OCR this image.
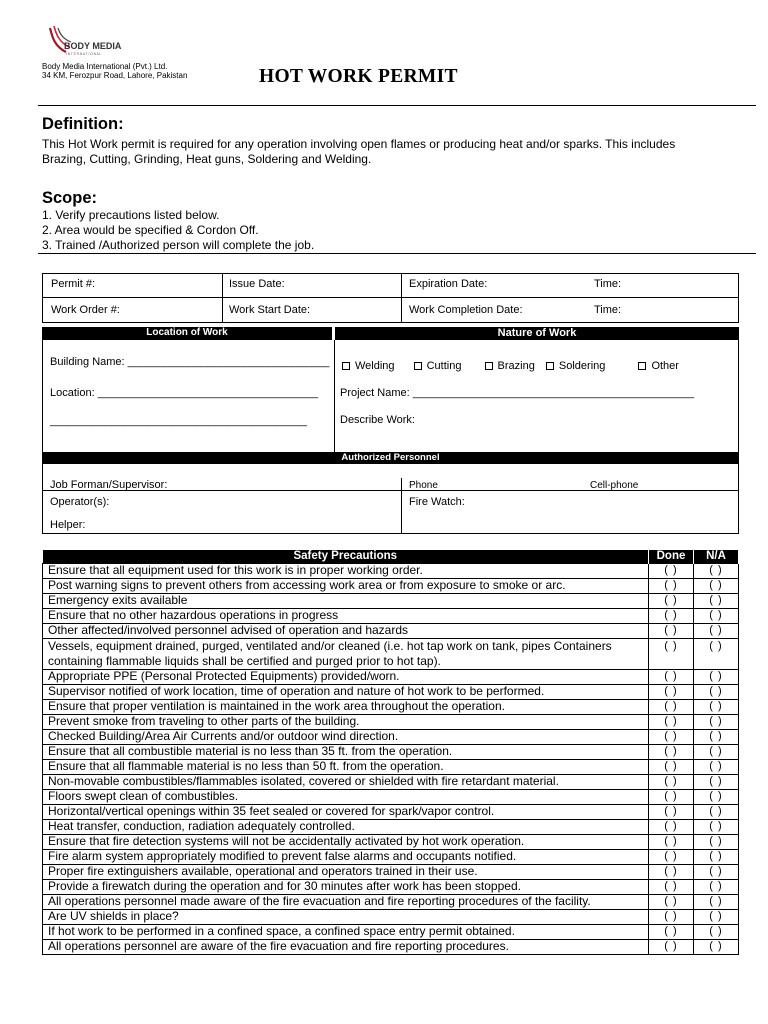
BODY MEDIA
I N T E R N A T I O N A L
Body Media International (Pvt.) Ltd.
34 KM, Ferozpur Road, Lahore, Pakistan	HOT WORK PERMIT
Definition:
This Hot Work permit is required for any operation involving open flames or producing heat and/or sparks. This includes
Brazing, Cutting, Grinding, Heat guns, Soldering and Welding.
Scope:
1. Verify precautions listed below.
2. Area would be specified & Cordon Off.
3. Trained /Authorized person will complete the job.
Permit #:	Issue Date:	Expiration Date:	Time:
Work Order #:	Work Start Date:	Work Completion Date:	Time:
Location of Work	Nature of Work
Building Name: _________________________________
Location: ____________________________________
__________________________________________
Welding	Cutting	Brazing Soldering	Other
Project Name: ______________________________________________
Describe Work:
Authorized Personnel
Job Forman/Supervisor:	Phone	Cell-phone
Operator(s):	Fire Watch:
Helper:
Safety Precautions	Done	N/A
Ensure that all equipment used for this work is in proper working order.	( )	( )
Post warning signs to prevent others from accessing work area or from exposure to smoke or arc.	( )	( )
Emergency exits available	( )	( )
Ensure that no other hazardous operations in progress	( )	( )
Other affected/involved personnel advised of operation and hazards	( )	( )
Vessels, equipment drained, purged, ventilated and/or cleaned (i.e. hot tap work on tank, pipes Containers containing flammable liquids shall be certified and purged prior to hot tap).	( )	( )
Appropriate PPE (Personal Protected Equipments) provided/worn.	( )	( )
Supervisor notified of work location, time of operation and nature of hot work to be performed.	( )	( )
Ensure that proper ventilation is maintained in the work area throughout the operation.	( )	( )
Prevent smoke from traveling to other parts of the building.	( )	( )
Checked Building/Area Air Currents and/or outdoor wind direction.	( )	( )
Ensure that all combustible material is no less than 35 ft. from the operation.	( )	( )
Ensure that all flammable material is no less than 50 ft. from the operation.	( )	( )
Non-movable combustibles/flammables isolated, covered or shielded with fire retardant material.	( )	( )
Floors swept clean of combustibles.	( )	( )
Horizontal/vertical openings within 35 feet sealed or covered for spark/vapor control.	( )	( )
Heat transfer, conduction, radiation adequately controlled.	( )	( )
Ensure that fire detection systems will not be accidentally activated by hot work operation.	( )	( )
Fire alarm system appropriately modified to prevent false alarms and occupants notified.	( )	( )
Proper fire extinguishers available, operational and operators trained in their use.	( )	( )
Provide a firewatch during the operation and for 30 minutes after work has been stopped.	( )	( )
All operations personnel made aware of the fire evacuation and fire reporting procedures of the facility.	( )	( )
Are UV shields in place?	( )	( )
If hot work to be performed in a confined space, a confined space entry permit obtained.	( )	( )
All operations personnel are aware of the fire evacuation and fire reporting procedures.	( )	( )
